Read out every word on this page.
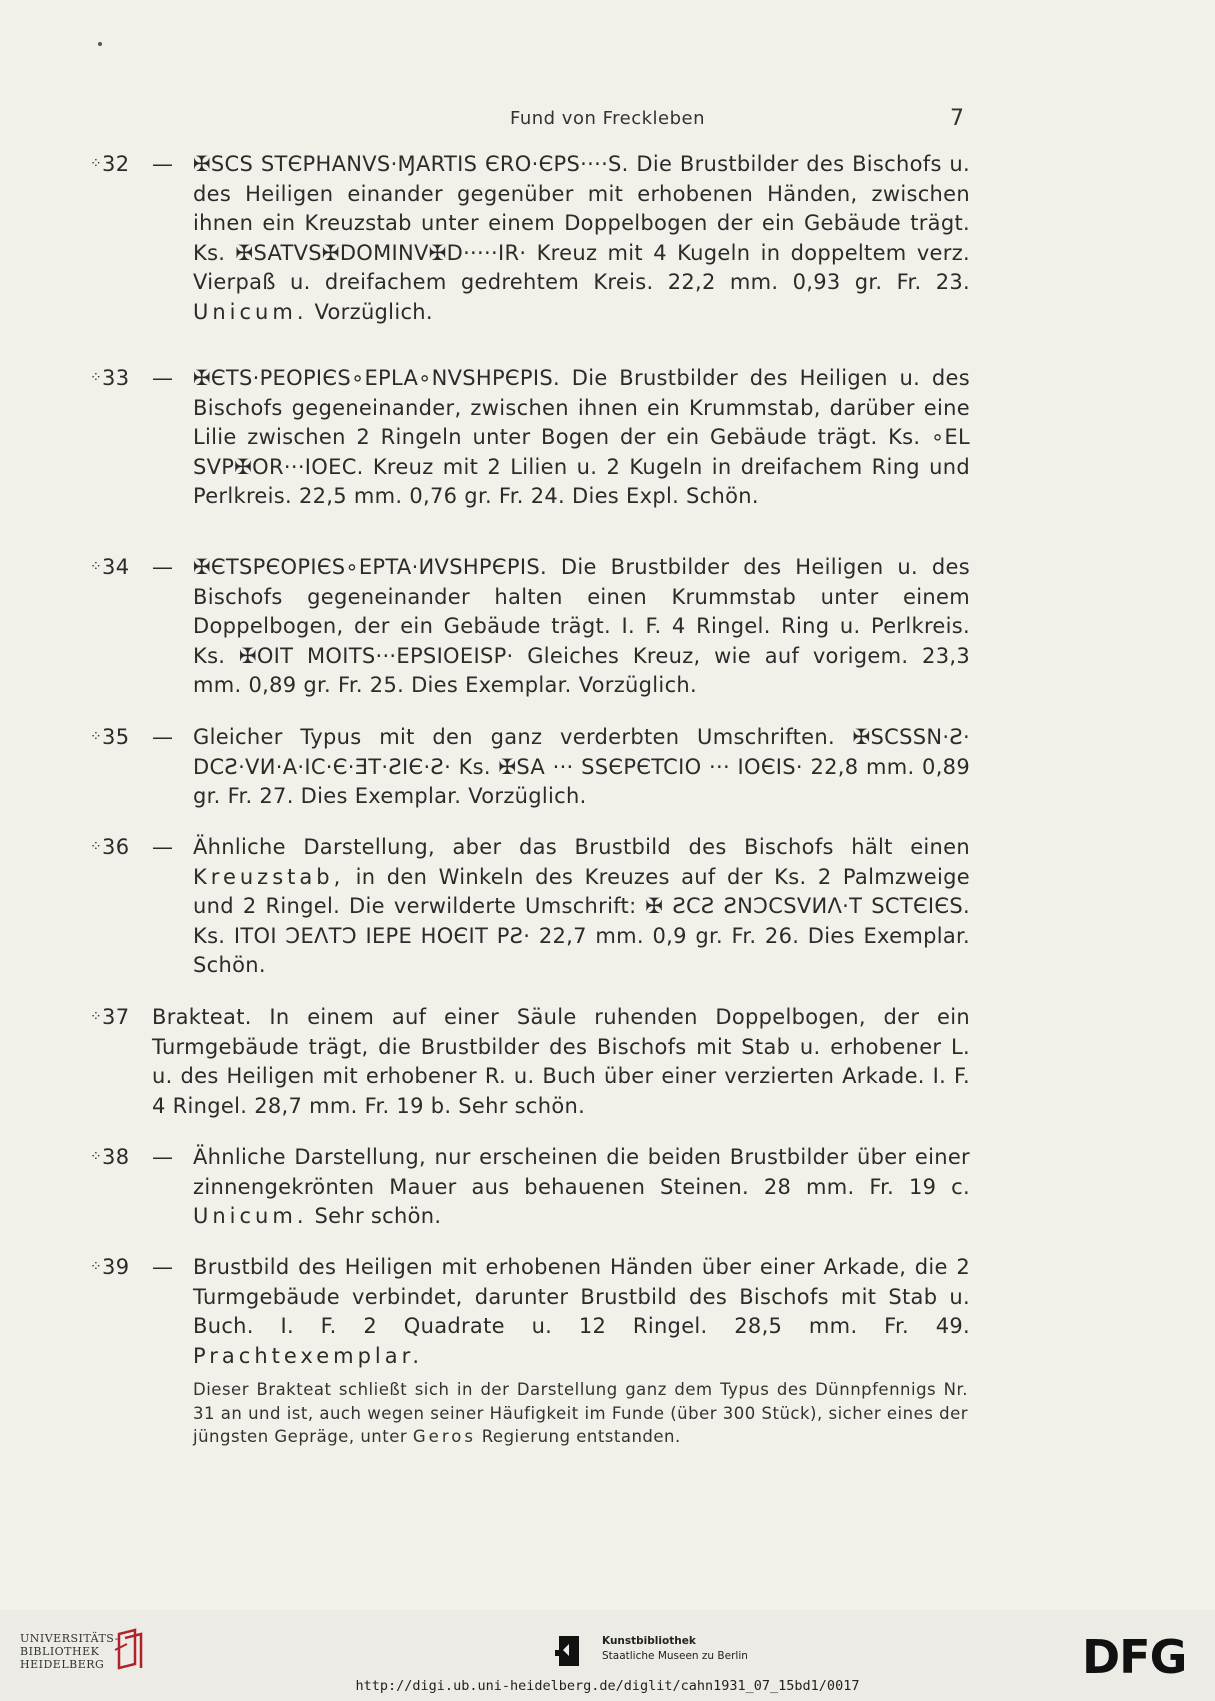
Fund von Freckleben	7
⁘32	— ✠SCS STЄPHANVS·ⱮARTIS ЄRO·ЄPS····S. Die Brustbilder des Bischofs u. des Heiligen einander gegenüber mit erhobenen Händen, zwischen ihnen ein Kreuzstab unter einem Doppelbogen der ein Gebäude trägt. Ks. ✠SATVS✠DOMINV✠D·····IR· Kreuz mit 4 Kugeln in doppeltem verz. Vierpaß u. dreifachem gedrehtem Kreis. 22,2 mm. 0,93 gr. Fr. 23. Unicum. Vorzüglich.
⁘33	— ✠ЄTS·PEOPIЄS∘EPLA∘NVSHPЄPIS. Die Brustbilder des Heiligen u. des Bischofs gegeneinander, zwischen ihnen ein Krummstab, darüber eine Lilie zwischen 2 Ringeln unter Bogen der ein Gebäude trägt. Ks. ∘EL SVP✠OR···IOEC. Kreuz mit 2 Lilien u. 2 Kugeln in dreifachem Ring und Perlkreis. 22,5 mm. 0,76 gr. Fr. 24. Dies Expl. Schön.
⁘34	— ✠ЄTSPЄOPIЄS∘EPTA·ИVSHPЄPIS. Die Brustbilder des Heiligen u. des Bischofs gegeneinander halten einen Krummstab unter einem Doppelbogen, der ein Gebäude trägt. I. F. 4 Ringel. Ring u. Perlkreis. Ks. ✠OIT MOITS···EPSIOEISP· Gleiches Kreuz, wie auf vorigem. 23,3 mm. 0,89 gr. Fr. 25. Dies Exemplar. Vorzüglich.
⁘35	— Gleicher Typus mit den ganz verderbten Umschriften. ✠SCSSN·Ƨ· DCƧ·VИ·A·IC·Є·ƎT·ƧIЄ·Ƨ· Ks. ✠SA ··· SSЄPЄTCIO ··· IOЄIS· 22,8 mm. 0,89 gr. Fr. 27. Dies Exemplar. Vorzüglich.
⁘36	— Ähnliche Darstellung, aber das Brustbild des Bischofs hält einen Kreuzstab, in den Winkeln des Kreuzes auf der Ks. 2 Palmzweige und 2 Ringel. Die verwilderte Umschrift: ✠ ƧCƧ ƧNƆCSVИΛ·T SCTЄIЄS. Ks. ITOI ƆEΛTƆ IEPE HOЄIT PƧ· 22,7 mm. 0,9 gr. Fr. 26. Dies Exemplar. Schön.
⁘37	Brakteat. In einem auf einer Säule ruhenden Doppelbogen, der ein Turmgebäude trägt, die Brustbilder des Bischofs mit Stab u. erhobener L. u. des Heiligen mit erhobener R. u. Buch über einer verzierten Arkade. I. F. 4 Ringel. 28,7 mm. Fr. 19 b. Sehr schön.
⁘38	— Ähnliche Darstellung, nur erscheinen die beiden Brustbilder über einer zinnengekrönten Mauer aus behauenen Steinen. 28 mm. Fr. 19 c. Unicum. Sehr schön.
⁘39	— Brustbild des Heiligen mit erhobenen Händen über einer Arkade, die 2 Turmgebäude verbindet, darunter Brustbild des Bischofs mit Stab u. Buch. I. F. 2 Quadrate u. 12 Ringel. 28,5 mm. Fr. 49. Prachtexemplar.
Dieser Brakteat schließt sich in der Darstellung ganz dem Typus des Dünnpfennigs Nr. 31 an und ist, auch wegen seiner Häufigkeit im Funde (über 300 Stück), sicher eines der jüngsten Gepräge, unter Geros Regierung entstanden.
UNIVERSITÄTS-
BIBLIOTHEK
HEIDELBERG
Kunstbibliothek
Staatliche Museen zu Berlin	DFG
http://digi.ub.uni-heidelberg.de/diglit/cahn1931_07_15bd1/0017
